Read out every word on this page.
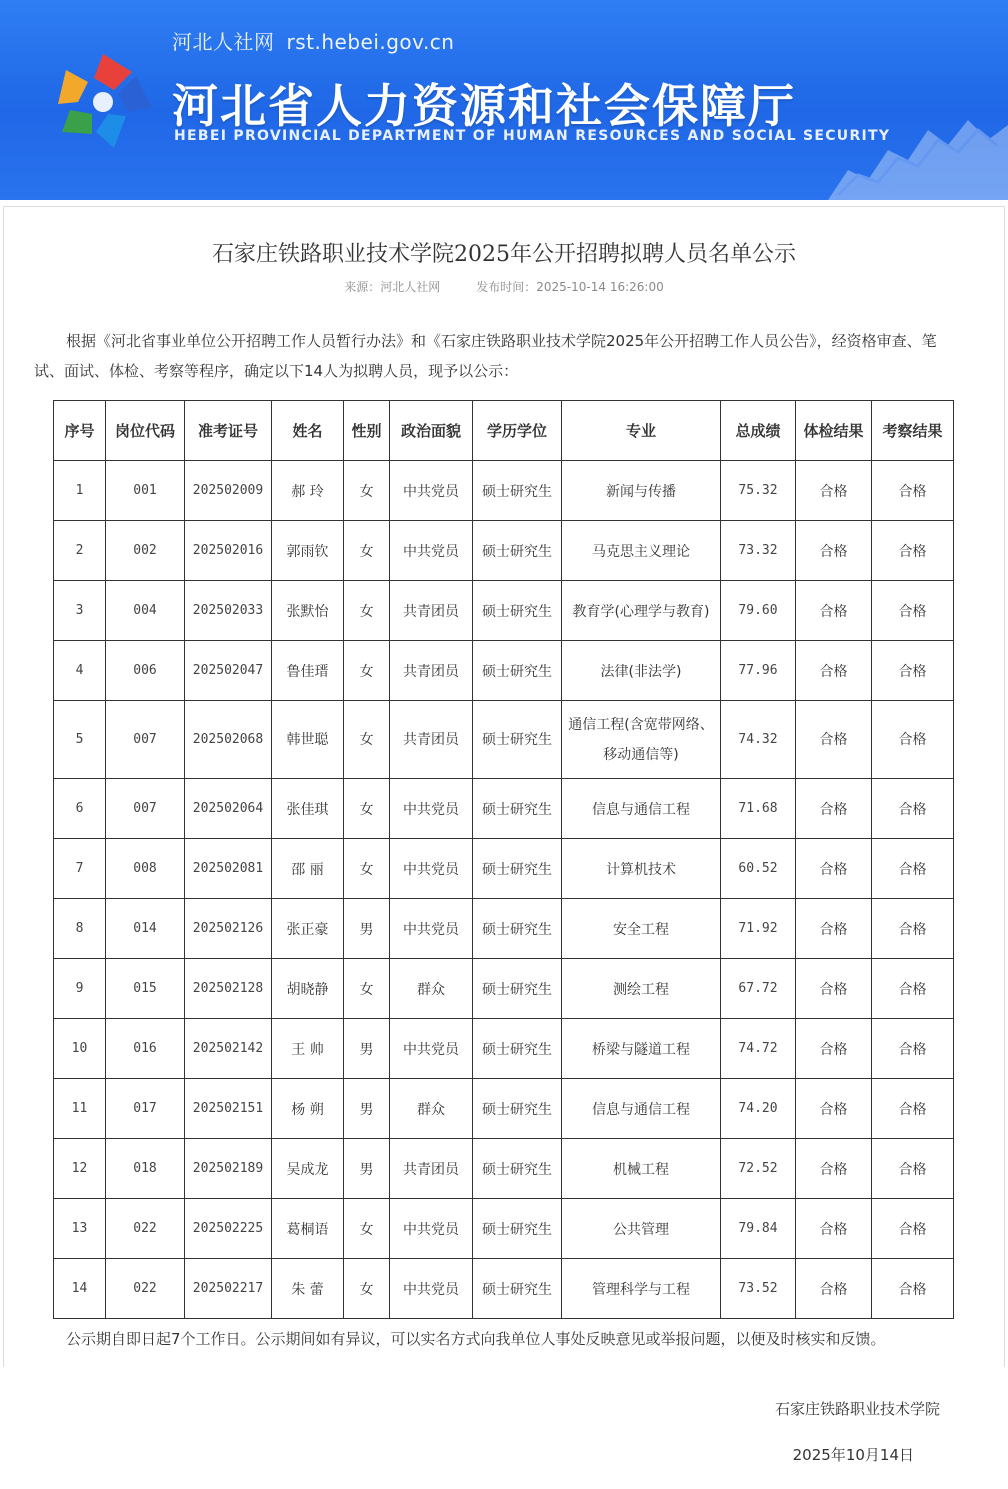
河北人社网 rst.hebei.gov.cn
河北省人力资源和社会保障厅
HEBEI PROVINCIAL DEPARTMENT OF HUMAN RESOURCES AND SOCIAL SECURITY
石家庄铁路职业技术学院2025年公开招聘拟聘人员名单公示
来源：河北人社网	发布时间：2025-10-14 16:26:00
根据《河北省事业单位公开招聘工作人员暂行办法》和《石家庄铁路职业技术学院2025年公开招聘工作人员公告》，经资格审查、笔试、面试、体检、考察等程序，确定以下14人为拟聘人员，现予以公示：
序号	岗位代码	准考证号	姓名	性别	政治面貌	学历学位	专业	总成绩	体检结果	考察结果
1	001	202502009	郝 玲	女	中共党员	硕士研究生	新闻与传播	75.32	合格	合格
2	002	202502016	郭雨钦	女	中共党员	硕士研究生	马克思主义理论	73.32	合格	合格
3	004	202502033	张默怡	女	共青团员	硕士研究生	教育学(心理学与教育)	79.60	合格	合格
4	006	202502047	鲁佳瑨	女	共青团员	硕士研究生	法律(非法学)	77.96	合格	合格
5	007	202502068	韩世聪	女	共青团员	硕士研究生	通信工程(含宽带网络、移动通信等)	74.32	合格	合格
6	007	202502064	张佳琪	女	中共党员	硕士研究生	信息与通信工程	71.68	合格	合格
7	008	202502081	邵 丽	女	中共党员	硕士研究生	计算机技术	60.52	合格	合格
8	014	202502126	张正豪	男	中共党员	硕士研究生	安全工程	71.92	合格	合格
9	015	202502128	胡晓静	女	群众	硕士研究生	测绘工程	67.72	合格	合格
10	016	202502142	王 帅	男	中共党员	硕士研究生	桥梁与隧道工程	74.72	合格	合格
11	017	202502151	杨 朔	男	群众	硕士研究生	信息与通信工程	74.20	合格	合格
12	018	202502189	吴成龙	男	共青团员	硕士研究生	机械工程	72.52	合格	合格
13	022	202502225	葛桐语	女	中共党员	硕士研究生	公共管理	79.84	合格	合格
14	022	202502217	朱 蕾	女	中共党员	硕士研究生	管理科学与工程	73.52	合格	合格
公示期自即日起7个工作日。公示期间如有异议，可以实名方式向我单位人事处反映意见或举报问题，以便及时核实和反馈。
石家庄铁路职业技术学院
2025年10月14日
